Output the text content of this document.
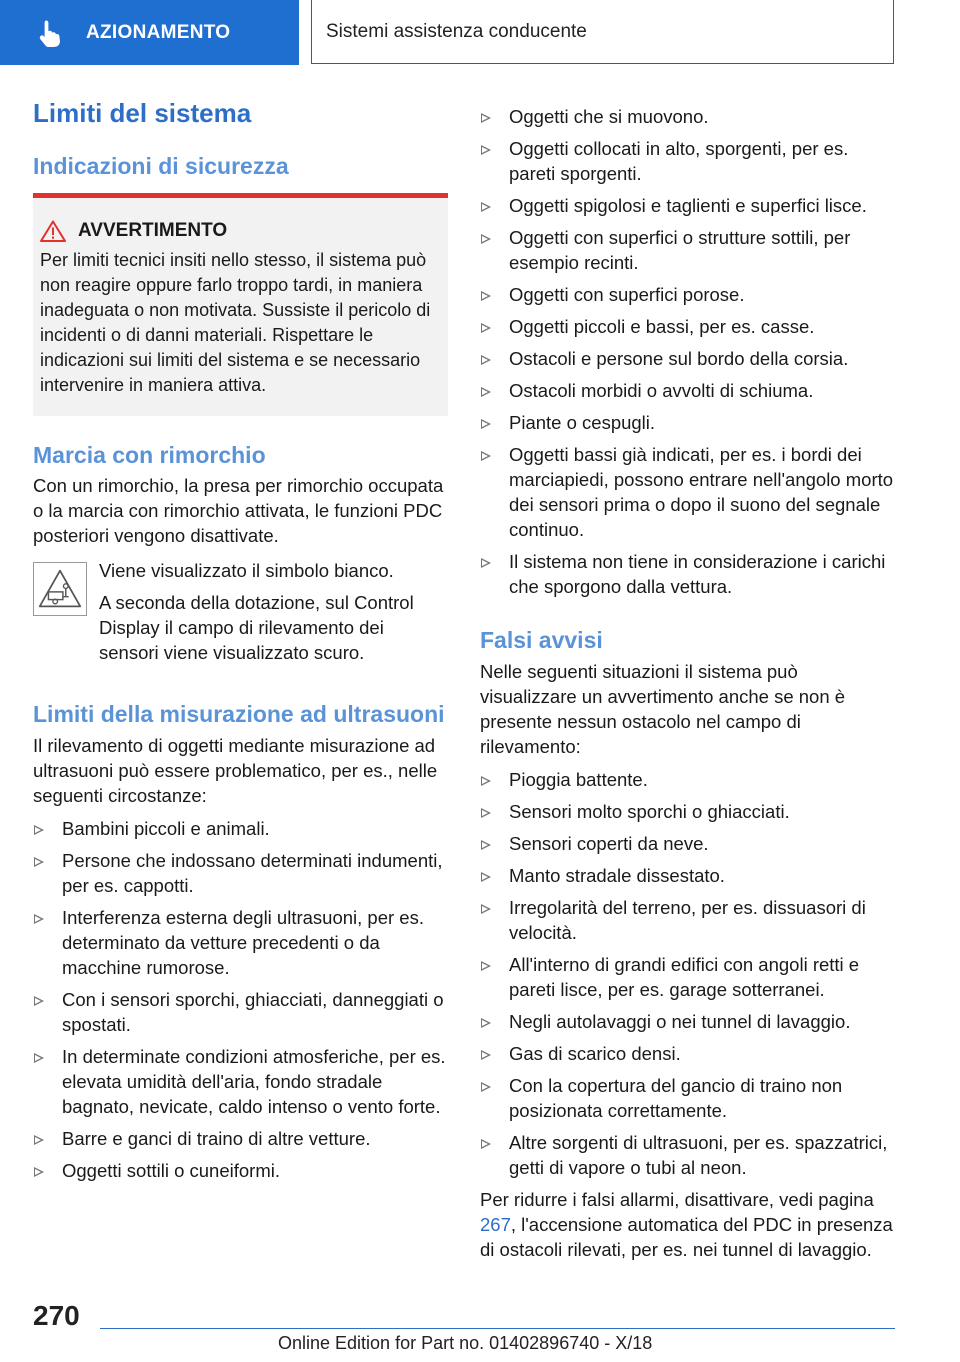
AZIONAMENTO	Sistemi assistenza conducente
Limiti del sistema
Indicazioni di sicurezza
AVVERTIMENTO

Per limiti tecnici insiti nello stesso, il sistema può non reagire oppure farlo troppo tardi, in maniera inadeguata o non motivata. Sussiste il pericolo di incidenti o di danni materiali. Rispettare le indicazioni sui limiti del sistema e se necessario intervenire in maniera attiva.

Marcia con rimorchio

Con un rimorchio, la presa per rimorchio occupata o la marcia con rimorchio attivata, le funzioni PDC posteriori vengono disattivate.

Viene visualizzato il simbolo bianco.

A seconda della dotazione, sul Control Display il campo di rilevamento dei sensori viene visualizzato scuro.

Limiti della misurazione ad ultrasuoni

Il rilevamento di oggetti mediante misurazione ad ultrasuoni può essere problematico, per es., nelle seguenti circostanze:

Bambini piccoli e animali.
Persone che indossano determinati indumenti, per es. cappotti.
Interferenza esterna degli ultrasuoni, per es. determinato da vetture precedenti o da macchine rumorose.
Con i sensori sporchi, ghiacciati, danneggiati o spostati.
In determinate condizioni atmosferiche, per es. elevata umidità dell'aria, fondo stradale bagnato, nevicate, caldo intenso o vento forte.
Barre e ganci di traino di altre vetture.
Oggetti sottili o cuneiformi.
Oggetti che si muovono.
Oggetti collocati in alto, sporgenti, per es. pareti sporgenti.
Oggetti spigolosi e taglienti e superfici lisce.
Oggetti con superfici o strutture sottili, per esempio recinti.
Oggetti con superfici porose.
Oggetti piccoli e bassi, per es. casse.
Ostacoli e persone sul bordo della corsia.
Ostacoli morbidi o avvolti di schiuma.
Piante o cespugli.
Oggetti bassi già indicati, per es. i bordi dei marciapiedi, possono entrare nell'angolo morto dei sensori prima o dopo il suono del segnale continuo.
Il sistema non tiene in considerazione i carichi che sporgono dalla vettura.
Falsi avvisi

Nelle seguenti situazioni il sistema può visualizzare un avvertimento anche se non è presente nessun ostacolo nel campo di rilevamento:

Pioggia battente.
Sensori molto sporchi o ghiacciati.
Sensori coperti da neve.
Manto stradale dissestato.
Irregolarità del terreno, per es. dissuasori di velocità.
All'interno di grandi edifici con angoli retti e pareti lisce, per es. garage sotterranei.
Negli autolavaggi o nei tunnel di lavaggio.
Gas di scarico densi.
Con la copertura del gancio di traino non posizionata correttamente.
Altre sorgenti di ultrasuoni, per es. spazzatrici, getti di vapore o tubi al neon.

Per ridurre i falsi allarmi, disattivare, vedi pagina 267, l'accensione automatica del PDC in presenza di ostacoli rilevati, per es. nei tunnel di lavaggio.

270
Online Edition for Part no. 01402896740 - X/18
